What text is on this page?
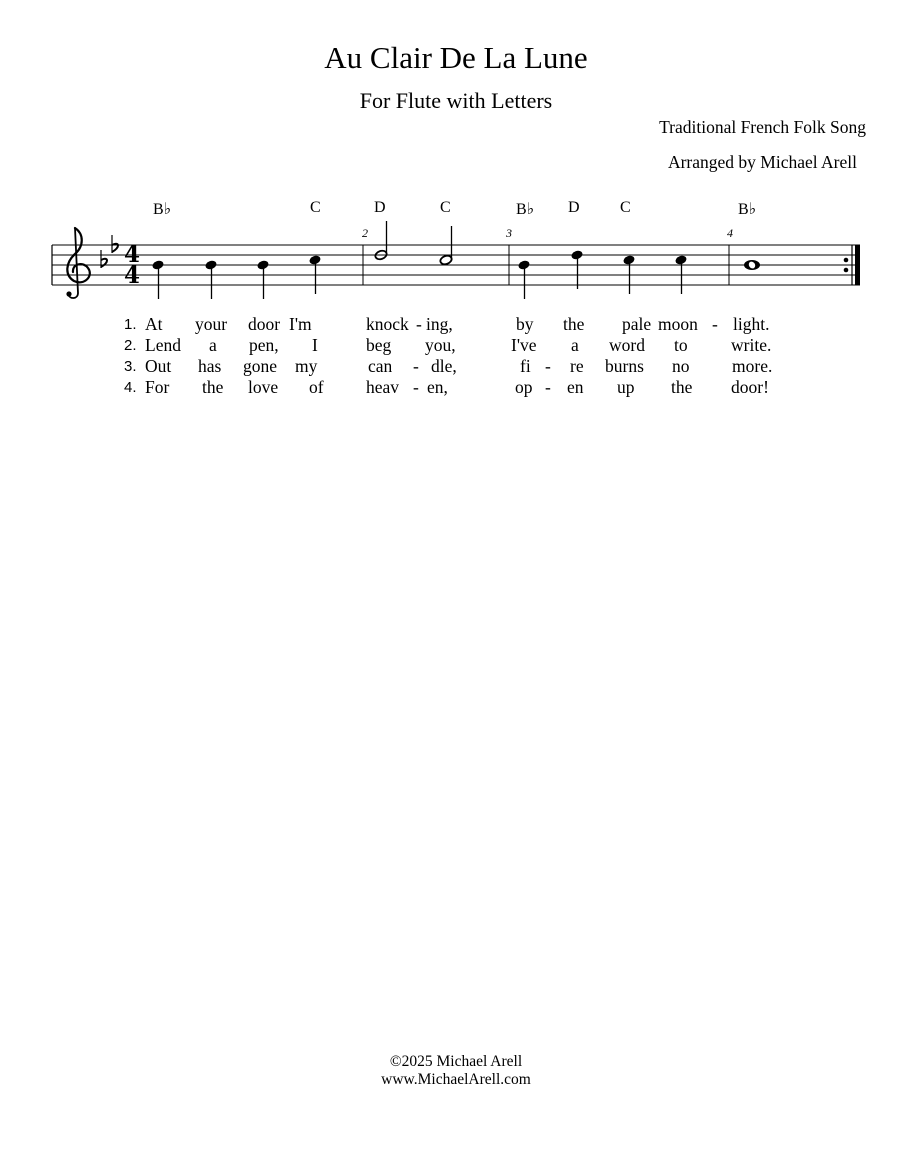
Au Clair De La Lune
For Flute with Letters
Traditional French Folk Song
Arranged by Michael Arell
B♭	C	D	C	B♭ D	C	B♭
2	3	4
4
4
1. At your door I'm	knock - ing,	by the pale moon - light.
2. Lend a pen, I	beg you,	I've a word to write.
3. Out has gone my	can - dle,	fi - re burns no more.
4. For the love of heav - en,	op - en up the door!
©2025 Michael Arell
www.MichaelArell.com
